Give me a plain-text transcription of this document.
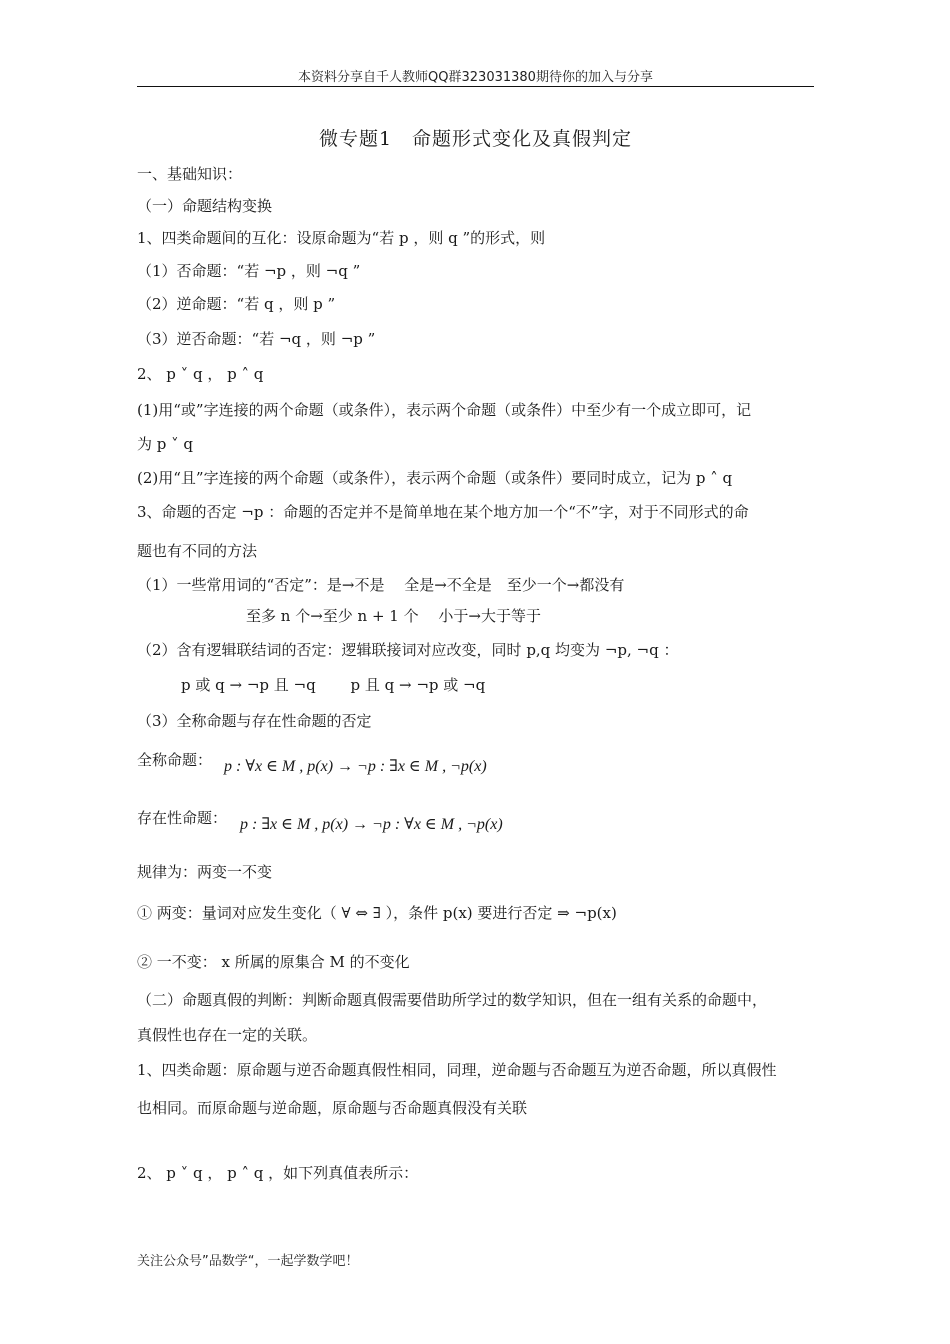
本资料分享自千人教师QQ群323031380期待你的加入与分享
微专题1　命题形式变化及真假判定
一、基础知识：
（一）命题结构变换
1、四类命题间的互化：设原命题为“若 p ，则 q ”的形式，则
（1）否命题：“若 ¬p ，则 ¬q ”
（2）逆命题：“若 q ，则 p ”
（3）逆否命题：“若 ¬q ，则 ¬p ”
2、 p ˅ q ， p ˄ q
(1)用“或”字连接的两个命题（或条件），表示两个命题（或条件）中至少有一个成立即可，记
为 p ˅ q
(2)用“且”字连接的两个命题（或条件），表示两个命题（或条件）要同时成立，记为 p ˄ q
3、命题的否定 ¬p ：命题的否定并不是简单地在某个地方加一个“不”字，对于不同形式的命
题也有不同的方法
（1）一些常用词的“否定”：是→不是　 全是→不全是　至少一个→都没有
至多 n 个→至少 n + 1 个　 小于→大于等于
（2）含有逻辑联结词的否定：逻辑联接词对应改变，同时 p,q 均变为 ¬p, ¬q ：
p 或 q → ¬p 且 ¬q　　 p 且 q → ¬p 或 ¬q
（3）全称命题与存在性命题的否定
全称命题： p : ∀x ∈ M , p(x) → ¬p : ∃x ∈ M , ¬p(x)
存在性命题： p : ∃x ∈ M , p(x) → ¬p : ∀x ∈ M , ¬p(x)
规律为：两变一不变
① 两变：量词对应发生变化（ ∀ ⇔ ∃ ），条件 p(x) 要进行否定 ⇒ ¬p(x)
② 一不变： x 所属的原集合 M 的不变化
（二）命题真假的判断：判断命题真假需要借助所学过的数学知识，但在一组有关系的命题中，
真假性也存在一定的关联。
1、四类命题：原命题与逆否命题真假性相同，同理，逆命题与否命题互为逆否命题，所以真假性
也相同。而原命题与逆命题，原命题与否命题真假没有关联
2、 p ˅ q ， p ˄ q ，如下列真值表所示：
关注公众号”品数学“，一起学数学吧！
